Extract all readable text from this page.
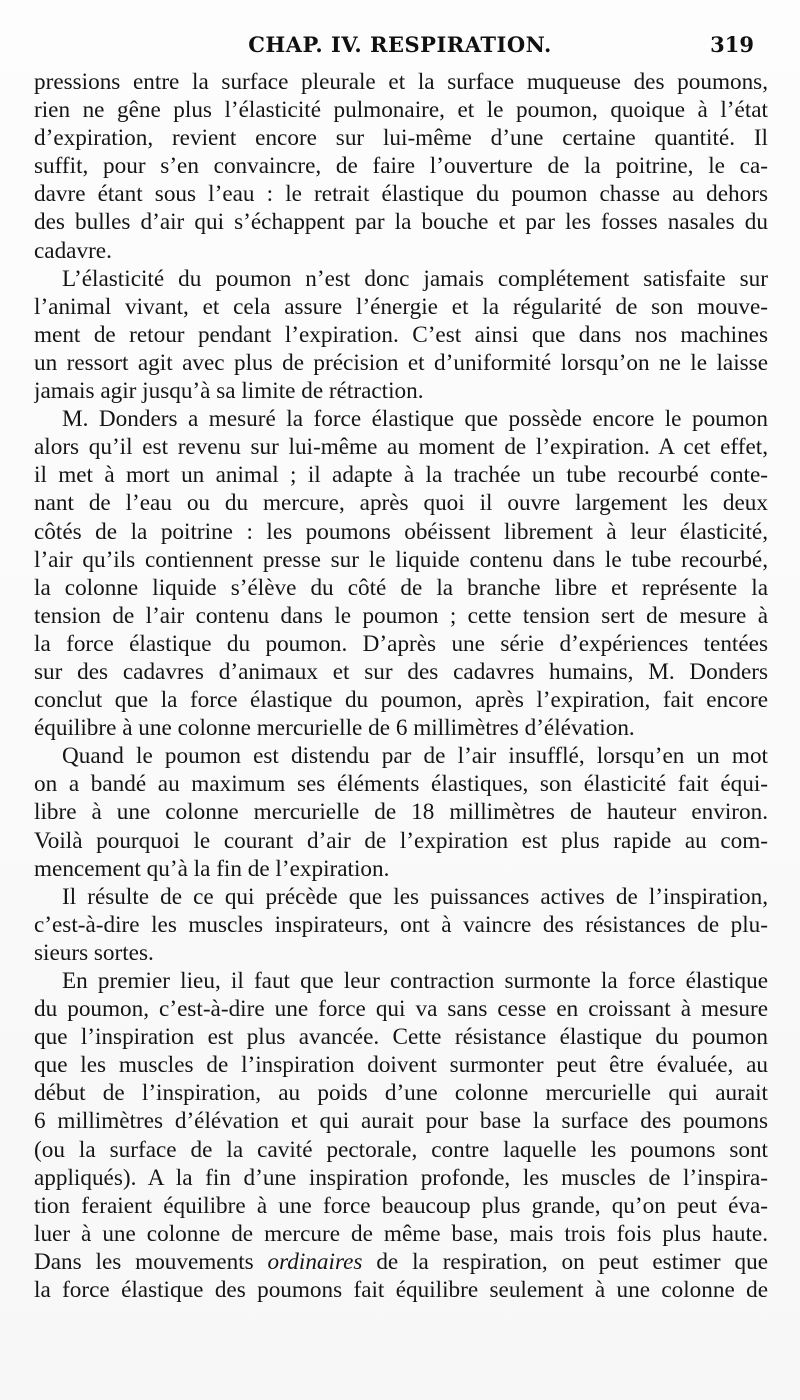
CHAP. IV. RESPIRATION.	319
pressions entre la surface pleurale et la surface muqueuse des poumons,
rien ne gêne plus l’élasticité pulmonaire, et le poumon, quoique à l’état
d’expiration, revient encore sur lui-même d’une certaine quantité. Il
suffit, pour s’en convaincre, de faire l’ouverture de la poitrine, le ca-
davre étant sous l’eau : le retrait élastique du poumon chasse au dehors
des bulles d’air qui s’échappent par la bouche et par les fosses nasales du
cadavre.
L’élasticité du poumon n’est donc jamais complétement satisfaite sur
l’animal vivant, et cela assure l’énergie et la régularité de son mouve-
ment de retour pendant l’expiration. C’est ainsi que dans nos machines
un ressort agit avec plus de précision et d’uniformité lorsqu’on ne le laisse
jamais agir jusqu’à sa limite de rétraction.
M. Donders a mesuré la force élastique que possède encore le poumon
alors qu’il est revenu sur lui-même au moment de l’expiration. A cet effet,
il met à mort un animal ; il adapte à la trachée un tube recourbé conte-
nant de l’eau ou du mercure, après quoi il ouvre largement les deux
côtés de la poitrine : les poumons obéissent librement à leur élasticité,
l’air qu’ils contiennent presse sur le liquide contenu dans le tube recourbé,
la colonne liquide s’élève du côté de la branche libre et représente la
tension de l’air contenu dans le poumon ; cette tension sert de mesure à
la force élastique du poumon. D’après une série d’expériences tentées
sur des cadavres d’animaux et sur des cadavres humains, M. Donders
conclut que la force élastique du poumon, après l’expiration, fait encore
équilibre à une colonne mercurielle de 6 millimètres d’élévation.
Quand le poumon est distendu par de l’air insufflé, lorsqu’en un mot
on a bandé au maximum ses éléments élastiques, son élasticité fait équi-
libre à une colonne mercurielle de 18 millimètres de hauteur environ.
Voilà pourquoi le courant d’air de l’expiration est plus rapide au com-
mencement qu’à la fin de l’expiration.
Il résulte de ce qui précède que les puissances actives de l’inspiration,
c’est-à-dire les muscles inspirateurs, ont à vaincre des résistances de plu-
sieurs sortes.
En premier lieu, il faut que leur contraction surmonte la force élastique
du poumon, c’est-à-dire une force qui va sans cesse en croissant à mesure
que l’inspiration est plus avancée. Cette résistance élastique du poumon
que les muscles de l’inspiration doivent surmonter peut être évaluée, au
début de l’inspiration, au poids d’une colonne mercurielle qui aurait
6 millimètres d’élévation et qui aurait pour base la surface des poumons
(ou la surface de la cavité pectorale, contre laquelle les poumons sont
appliqués). A la fin d’une inspiration profonde, les muscles de l’inspira-
tion feraient équilibre à une force beaucoup plus grande, qu’on peut éva-
luer à une colonne de mercure de même base, mais trois fois plus haute.
Dans les mouvements ordinaires de la respiration, on peut estimer que
la force élastique des poumons fait équilibre seulement à une colonne de
